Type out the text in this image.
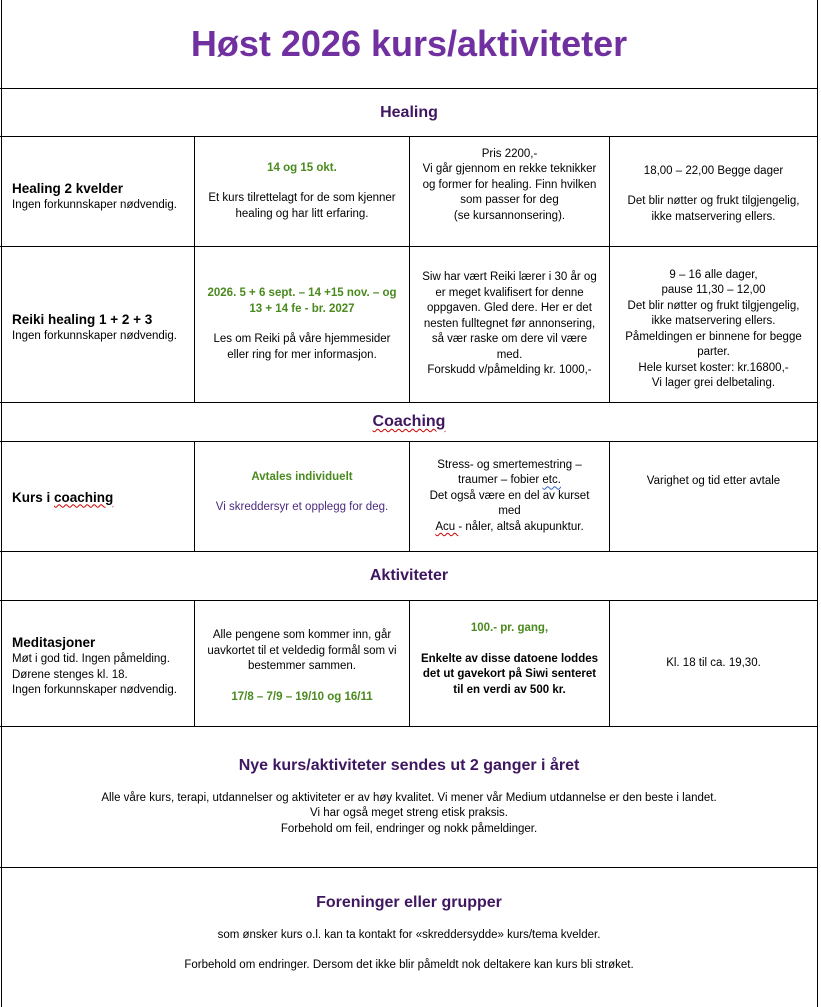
Høst 2026 kurs/aktiviteter
Healing

Healing 2 kvelder

Ingen forkunnskaper nødvendig.

14 og 15 okt.

Et kurs tilrettelagt for de som kjenner healing og har litt erfaring.

Pris 2200,-

Vi går gjennom en rekke teknikker og former for healing. Finn hvilken som passer for deg

(se kursannonsering).

18,00 – 22,00 Begge dager

Det blir nøtter og frukt tilgjengelig, ikke matservering ellers.

Reiki healing 1 + 2 + 3

Ingen forkunnskaper nødvendig.

2026. 5 + 6 sept. – 14 +15 nov. – og 13 + 14 fe - br. 2027

Les om Reiki på våre hjemmesider eller ring for mer informasjon.

Siw har vært Reiki lærer i 30 år og er meget kvalifisert for denne oppgaven. Gled dere. Her er det nesten fulltegnet før annonsering, så vær raske om dere vil være med.

Forskudd v/påmelding kr. 1000,-

9 – 16 alle dager,

pause 11,30 – 12,00

Det blir nøtter og frukt tilgjengelig, ikke matservering ellers.

Påmeldingen er binnene for begge parter.

Hele kurset koster: kr.16800,-

Vi lager grei delbetaling.

Coaching

Kurs i coaching

Avtales individuelt

Vi skreddersyr et opplegg for deg.

Stress- og smertemestring – traumer – fobier etc.

Det også være en del av kurset med

Acu - nåler, altså akupunktur.

Varighet og tid etter avtale

Aktiviteter

Meditasjoner

Møt i god tid. Ingen påmelding.

Dørene stenges kl. 18.

Ingen forkunnskaper nødvendig.

Alle pengene som kommer inn, går uavkortet til et veldedig formål som vi bestemmer sammen.

17/8 – 7/9 – 19/10 og 16/11

100.- pr. gang,

Enkelte av disse datoene loddes det ut gavekort på Siwi senteret til en verdi av 500 kr.

Kl. 18 til ca. 19,30.

Nye kurs/aktiviteter sendes ut 2 ganger i året

Alle våre kurs, terapi, utdannelser og aktiviteter er av høy kvalitet. Vi mener vår Medium utdannelse er den beste i landet.

Vi har også meget streng etisk praksis.

Forbehold om feil, endringer og nokk påmeldinger.

Foreninger eller grupper

som ønsker kurs o.l. kan ta kontakt for «skreddersydde» kurs/tema kvelder.

Forbehold om endringer. Dersom det ikke blir påmeldt nok deltakere kan kurs bli strøket.
